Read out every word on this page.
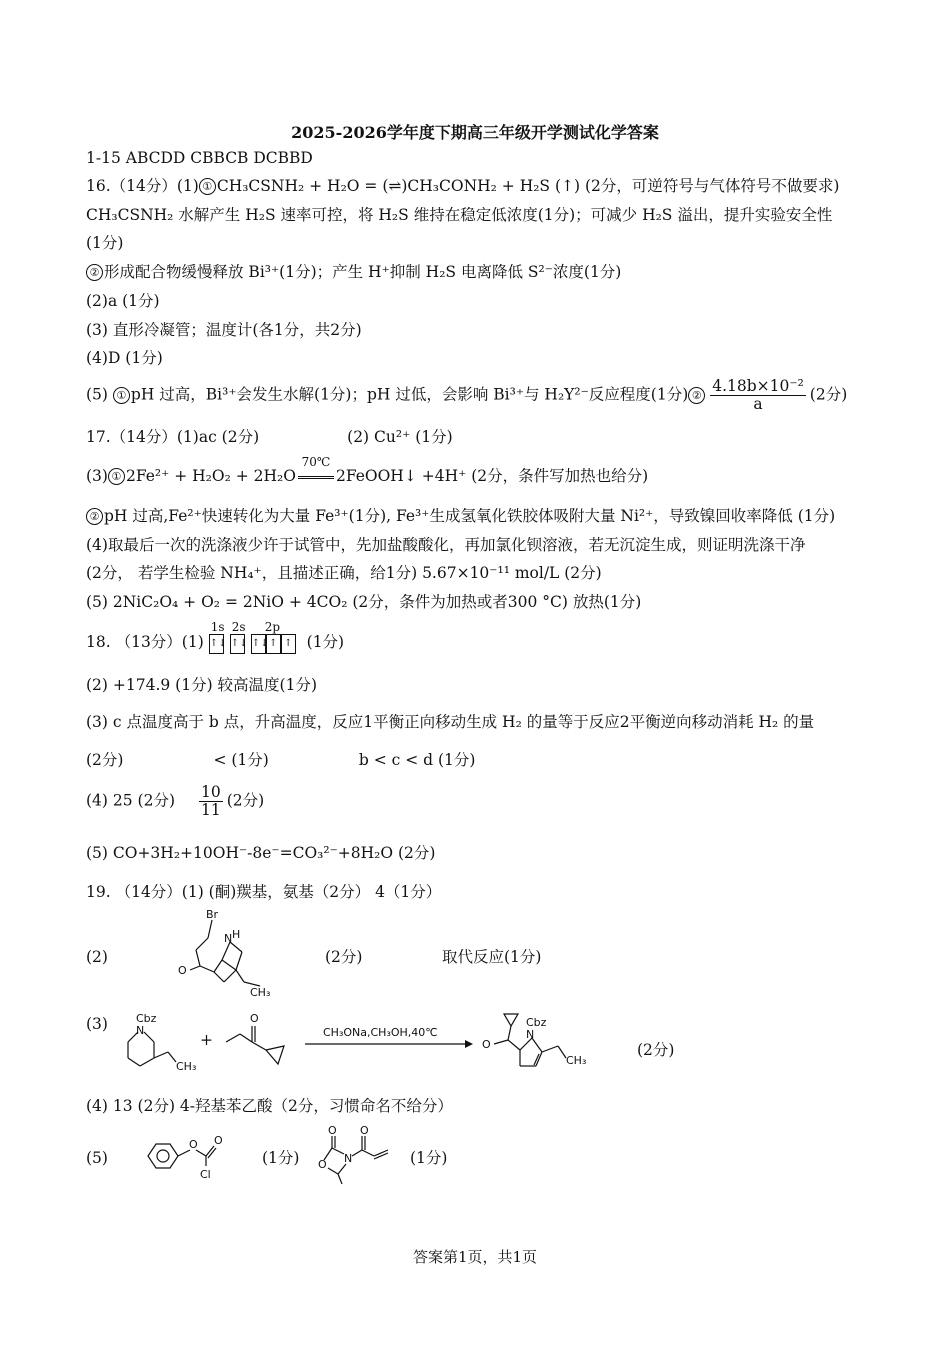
2025-2026学年度下期高三年级开学测试化学答案
1-15 ABCDD CBBCB DCBBD
16.（14分）(1) ① CH₃CSNH₂ + H₂O = (⇌)CH₃CONH₂ + H₂S (↑) (2分，可逆符号与气体符号不做要求)
CH₃CSNH₂ 水解产生 H₂S 速率可控，将 H₂S 维持在稳定低浓度(1分)；可减少 H₂S 溢出，提升实验安全性
(1分)
② 形成配合物缓慢释放 Bi³⁺(1分)；产生 H⁺抑制 H₂S 电离降低 S²⁻浓度(1分)
(2)a (1分)
(3) 直形冷凝管；温度计(各1分，共2分)
(4)D (1分)
(5) ① pH 过高，Bi³⁺会发生水解(1分)；pH 过低，会影响 Bi³⁺与 H₂Y²⁻反应程度(1分) ② $\frac{\text{4.18b×10⁻²}}{a} (2$分)
17.（14分）(1)ac (2分)	(2) Cu²⁺ (1分)
(3) ① 2Fe²⁺ + H₂O₂ + 2H₂O
70℃
2FeOOH↓ +4H⁺ (2分，条件写加热也给分)
② pH 过高,Fe²⁺快速转化为大量 Fe³⁺(1分), Fe³⁺生成氢氧化铁胶体吸附大量 Ni²⁺，导致镍回收率降低 (1分)
(4)取最后一次的洗涤液少许于试管中，先加盐酸酸化，再加氯化钡溶液，若无沉淀生成，则证明洗涤干净
(2分， 若学生检验 NH₄⁺，且描述正确，给1分) 5.67×10⁻¹¹ mol/L (2分)
(5) 2NiC₂O₄ + O₂ = 2NiO + 4CO₂ (2分，条件为加热或者300 °C) 放热(1分)
18. （13分）(1)
1s
↑↓
2s
↑↓
2p
↑↓↑ ↑ (1分)
(2) +174.9 (1分) 较高温度(1分)
(3) c 点温度高于 b 点，升高温度，反应1平衡正向移动生成 H₂ 的量等于反应2平衡逆向移动消耗 H₂ 的量
(2分)	< (1分)	b < c < d (1分)
(4) 25 (2分) $\frac{10}{11} (2$分)
(5) CO+3H₂+10OH⁻-8e⁻=CO₃²⁻+8H₂O (2分)
19. （14分）(1) (酮)羰基，氨基（2分） 4（1分）
(2)	(2分)	取代反应(1分)
Br
N H
O
CH₃
(3)	Cbz
N
CH₃
+
O
CH₃ONa,CH₃OH,40℃
O
Cbz
N
CH₃
(2分)
(4) 13 (2分) 4-羟基苯乙酸（2分，习惯命名不给分）
(5)
O O
Cl
(1分)
O
O N
O
(1分)
答案第1页，共1页
